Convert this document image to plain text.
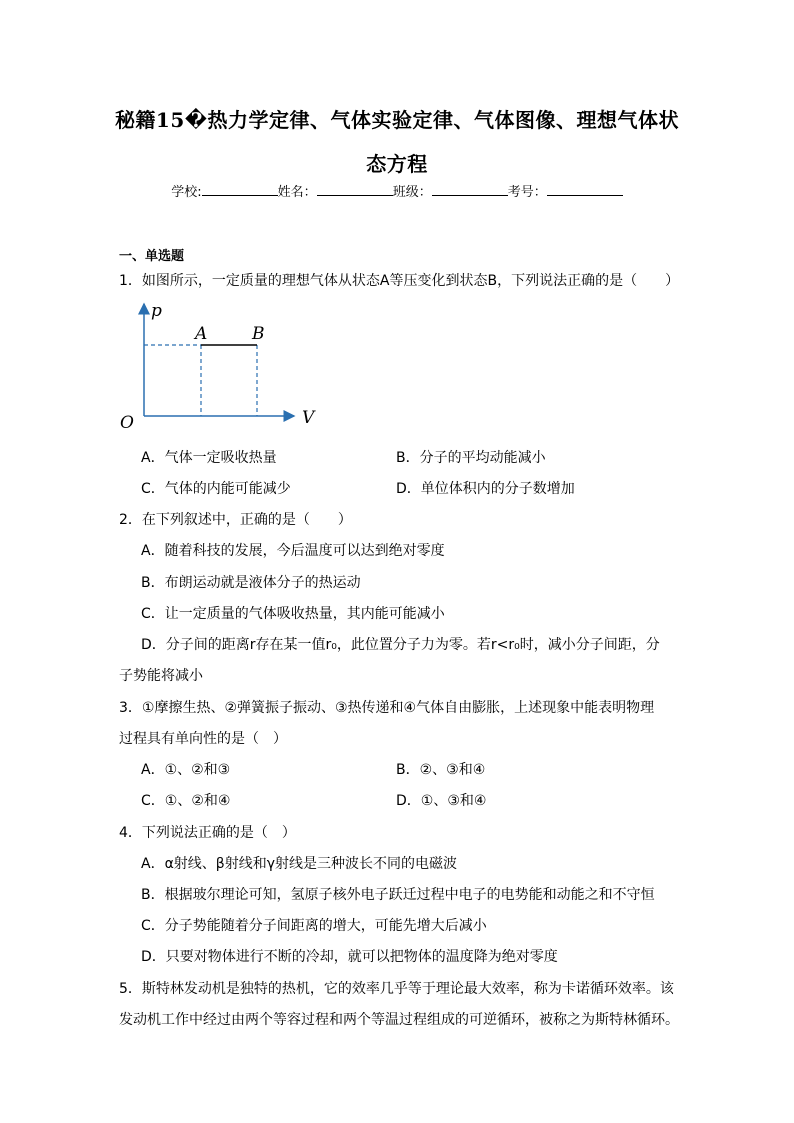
秘籍15�热力学定律、气体实验定律、气体图像、理想气体状
态方程
学校:	姓名：	班级：	考号：
一、单选题
1．如图所示，一定质量的理想气体从状态A等压变化到状态B，下列说法正确的是（　　）
p
V
O
A	B
A．气体一定吸收热量	B．分子的平均动能减小
C．气体的内能可能减少	D．单位体积内的分子数增加
2．在下列叙述中，正确的是（　　）
A．随着科技的发展，今后温度可以达到绝对零度
B．布朗运动就是液体分子的热运动
C．让一定质量的气体吸收热量，其内能可能减小
D．分子间的距离r存在某一值r₀，此位置分子力为零。若r<r₀时，减小分子间距，分
子势能将减小
3．①摩擦生热、②弹簧振子振动、③热传递和④气体自由膨胀，上述现象中能表明物理
过程具有单向性的是（　）
A．①、②和③	B．②、③和④
C．①、②和④	D．①、③和④
4．下列说法正确的是（　）
A．α射线、β射线和γ射线是三种波长不同的电磁波
B．根据玻尔理论可知，氢原子核外电子跃迁过程中电子的电势能和动能之和不守恒
C．分子势能随着分子间距离的增大，可能先增大后减小
D．只要对物体进行不断的冷却，就可以把物体的温度降为绝对零度
5．斯特林发动机是独特的热机，它的效率几乎等于理论最大效率，称为卡诺循环效率。该
发动机工作中经过由两个等容过程和两个等温过程组成的可逆循环，被称之为斯特林循环。
